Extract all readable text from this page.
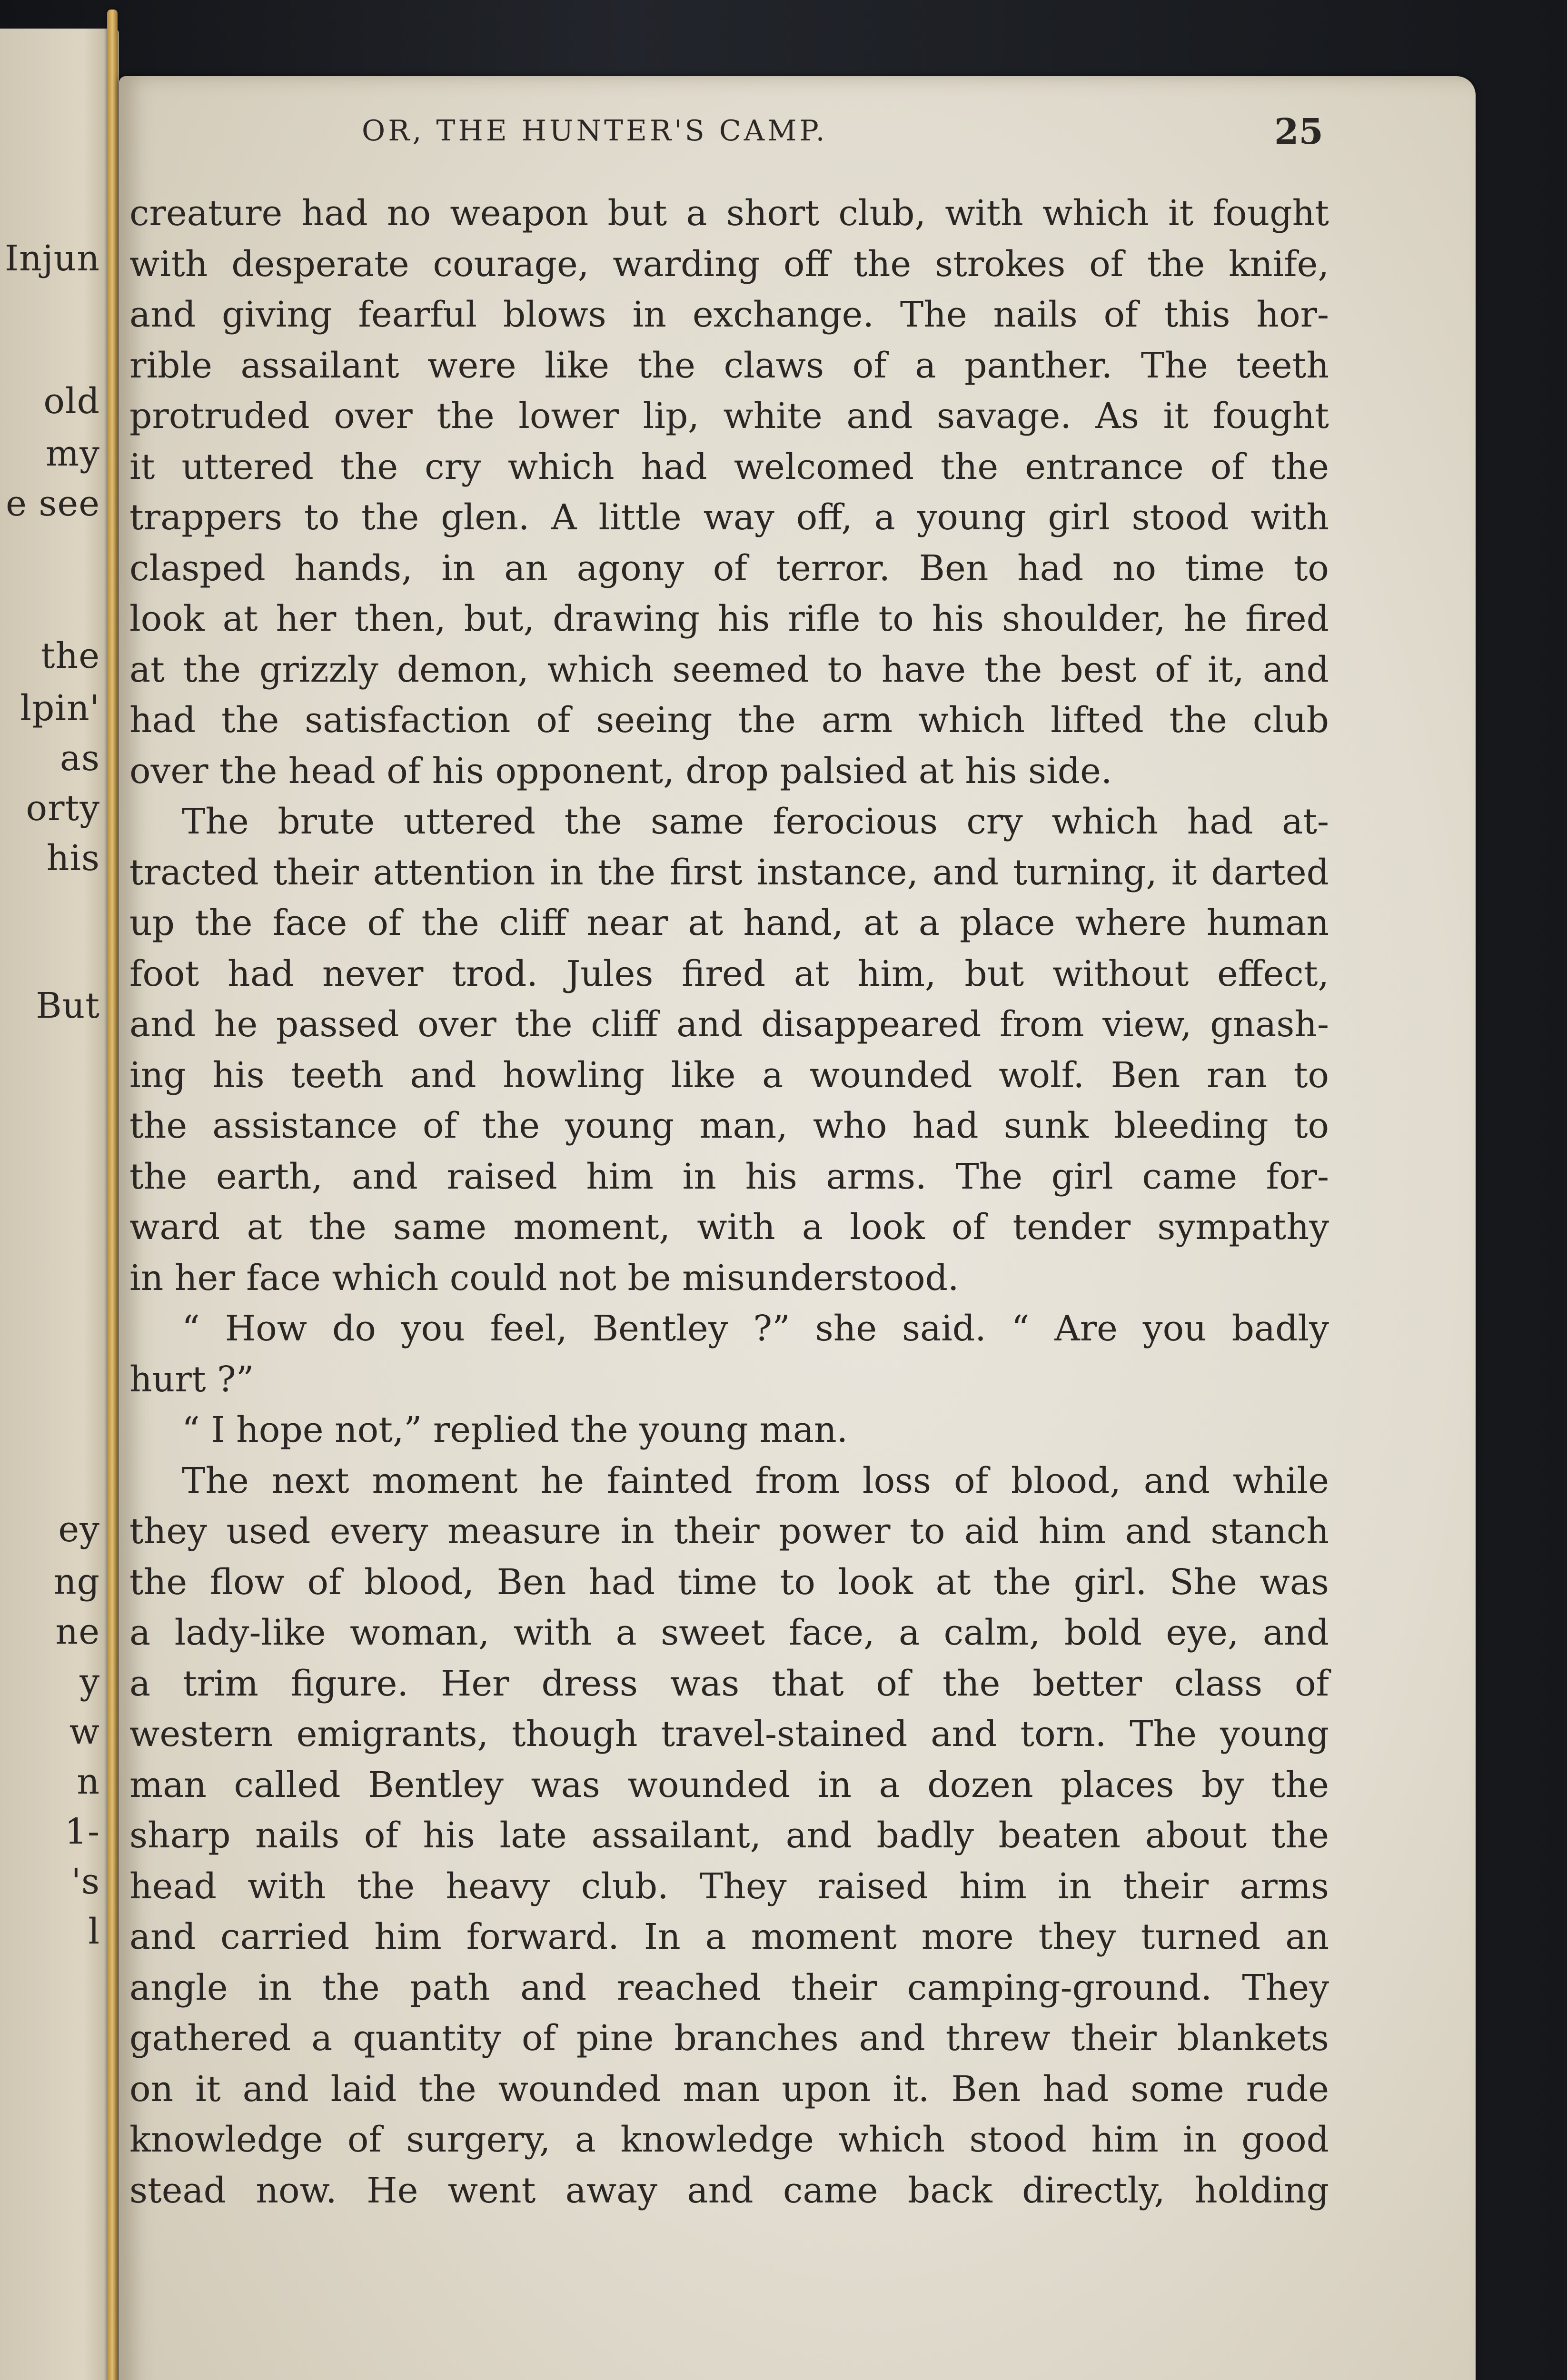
Injun
old
my
e see
the
lpin'
as
orty
his
But
ey
ng
ne
y
w
n
1-
's
l
OR, THE HUNTER'S CAMP.	25
creature had no weapon but a short club, with which it fought
with desperate courage, warding off the strokes of the knife,
and giving fearful blows in exchange. The nails of this hor-
rible assailant were like the claws of a panther. The teeth
protruded over the lower lip, white and savage. As it fought
it uttered the cry which had welcomed the entrance of the
trappers to the glen. A little way off, a young girl stood with
clasped hands, in an agony of terror. Ben had no time to
look at her then, but, drawing his rifle to his shoulder, he fired
at the grizzly demon, which seemed to have the best of it, and
had the satisfaction of seeing the arm which lifted the club
over the head of his opponent, drop palsied at his side.
The brute uttered the same ferocious cry which had at-
tracted their attention in the first instance, and turning, it darted
up the face of the cliff near at hand, at a place where human
foot had never trod. Jules fired at him, but without effect,
and he passed over the cliff and disappeared from view, gnash-
ing his teeth and howling like a wounded wolf. Ben ran to
the assistance of the young man, who had sunk bleeding to
the earth, and raised him in his arms. The girl came for-
ward at the same moment, with a look of tender sympathy
in her face which could not be misunderstood.
“ How do you feel, Bentley ?” she said. “ Are you badly
hurt ?”
“ I hope not,” replied the young man.
The next moment he fainted from loss of blood, and while
they used every measure in their power to aid him and stanch
the flow of blood, Ben had time to look at the girl. She was
a lady-like woman, with a sweet face, a calm, bold eye, and
a trim figure. Her dress was that of the better class of
western emigrants, though travel-stained and torn. The young
man called Bentley was wounded in a dozen places by the
sharp nails of his late assailant, and badly beaten about the
head with the heavy club. They raised him in their arms
and carried him forward. In a moment more they turned an
angle in the path and reached their camping-ground. They
gathered a quantity of pine branches and threw their blankets
on it and laid the wounded man upon it. Ben had some rude
knowledge of surgery, a knowledge which stood him in good
stead now. He went away and came back directly, holding
